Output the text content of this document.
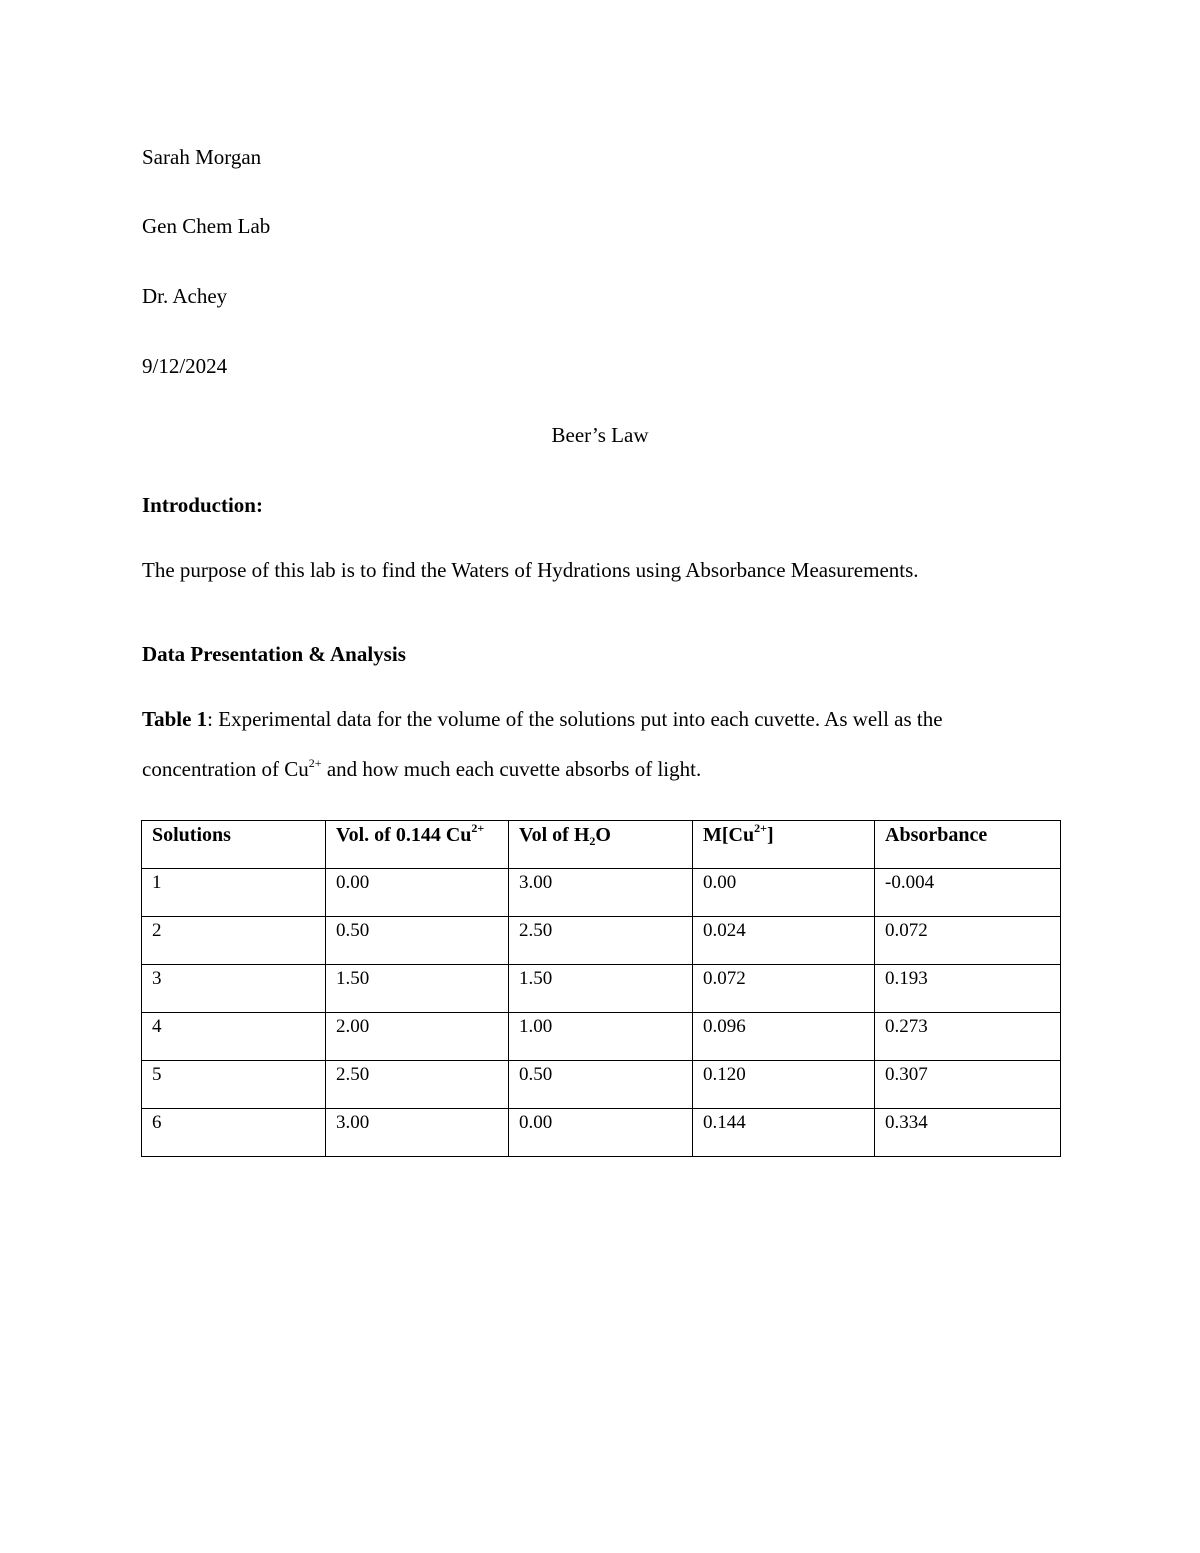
Sarah Morgan
Gen Chem Lab
Dr. Achey
9/12/2024
Beer’s Law
Introduction:
The purpose of this lab is to find the Waters of Hydrations using Absorbance Measurements.
Data Presentation & Analysis
Table 1: Experimental data for the volume of the solutions put into each cuvette. As well as the
concentration of $Cu^{2+}$ and how much each cuvette absorbs of light.
Solutions	Vol. of 0.144 $Cu^{2+}$	Vol of $H_2O$	$M[Cu^{2+}]$	Absorbance
1	0.00	3.00	0.00	-0.004
2	0.50	2.50	0.024	0.072
3	1.50	1.50	0.072	0.193
4	2.00	1.00	0.096	0.273
5	2.50	0.50	0.120	0.307
6	3.00	0.00	0.144	0.334
